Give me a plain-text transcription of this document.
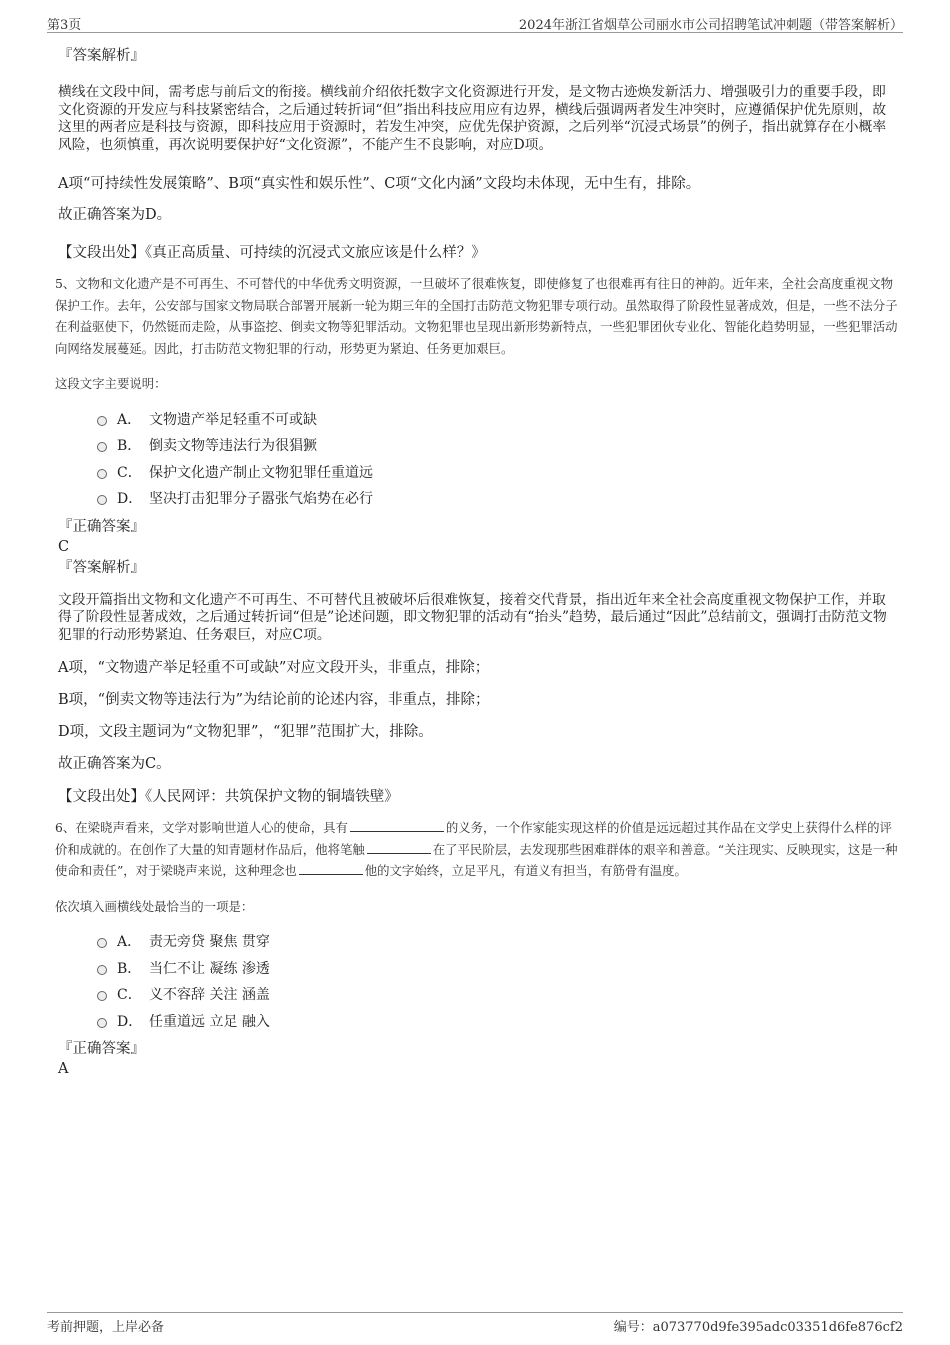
第3页	2024年浙江省烟草公司丽水市公司招聘笔试冲刺题（带答案解析）
『答案解析』
横线在文段中间，需考虑与前后文的衔接。横线前介绍依托数字文化资源进行开发，是文物古迹焕发新活力、增强吸引力的重要手段，即文化资源的开发应与科技紧密结合，之后通过转折词“但”指出科技应用应有边界，横线后强调两者发生冲突时，应遵循保护优先原则，故这里的两者应是科技与资源，即科技应用于资源时，若发生冲突，应优先保护资源，之后列举“沉浸式场景”的例子，指出就算存在小概率风险，也须慎重，再次说明要保护好“文化资源”，不能产生不良影响，对应D项。
A项“可持续性发展策略”、B项“真实性和娱乐性”、C项“文化内涵”文段均未体现，无中生有，排除。
故正确答案为D。
【文段出处】《真正高质量、可持续的沉浸式文旅应该是什么样？》
5、文物和文化遗产是不可再生、不可替代的中华优秀文明资源，一旦破坏了很难恢复，即使修复了也很难再有往日的神韵。近年来，全社会高度重视文物保护工作。去年，公安部与国家文物局联合部署开展新一轮为期三年的全国打击防范文物犯罪专项行动。虽然取得了阶段性显著成效，但是，一些不法分子在利益驱使下，仍然铤而走险，从事盗挖、倒卖文物等犯罪活动。文物犯罪也呈现出新形势新特点，一些犯罪团伙专业化、智能化趋势明显，一些犯罪活动向网络发展蔓延。因此，打击防范文物犯罪的行动，形势更为紧迫、任务更加艰巨。
这段文字主要说明：
A． 文物遗产举足轻重不可或缺
B． 倒卖文物等违法行为很猖獗
C． 保护文化遗产制止文物犯罪任重道远
D． 坚决打击犯罪分子嚣张气焰势在必行
『正确答案』
C
『答案解析』
文段开篇指出文物和文化遗产不可再生、不可替代且被破坏后很难恢复，接着交代背景，指出近年来全社会高度重视文物保护工作，并取得了阶段性显著成效，之后通过转折词“但是”论述问题，即文物犯罪的活动有“抬头”趋势，最后通过“因此”总结前文，强调打击防范文物犯罪的行动形势紧迫、任务艰巨，对应C项。
A项，“文物遗产举足轻重不可或缺”对应文段开头，非重点，排除；
B项，“倒卖文物等违法行为”为结论前的论述内容，非重点，排除；
D项，文段主题词为“文物犯罪”，“犯罪”范围扩大，排除。
故正确答案为C。
【文段出处】《人民网评：共筑保护文物的铜墙铁壁》
6、在梁晓声看来，文学对影响世道人心的使命，具有	的义务，一个作家能实现这样的价值是远远超过其作品在文学史上获得什么样的评价和成就的。在创作了大量的知青题材作品后，他将笔触	在了平民阶层，去发现那些困难群体的艰辛和善意。“关注现实、反映现实，这是一种使命和责任”，对于梁晓声来说，这种理念也	他的文字始终，立足平凡，有道义有担当，有筋骨有温度。
依次填入画横线处最恰当的一项是：
A． 责无旁贷 聚焦 贯穿
B． 当仁不让 凝练 渗透
C． 义不容辞 关注 涵盖
D． 任重道远 立足 融入
『正确答案』
A
考前押题，上岸必备	编号：a073770d9fe395adc03351d6fe876cf2
